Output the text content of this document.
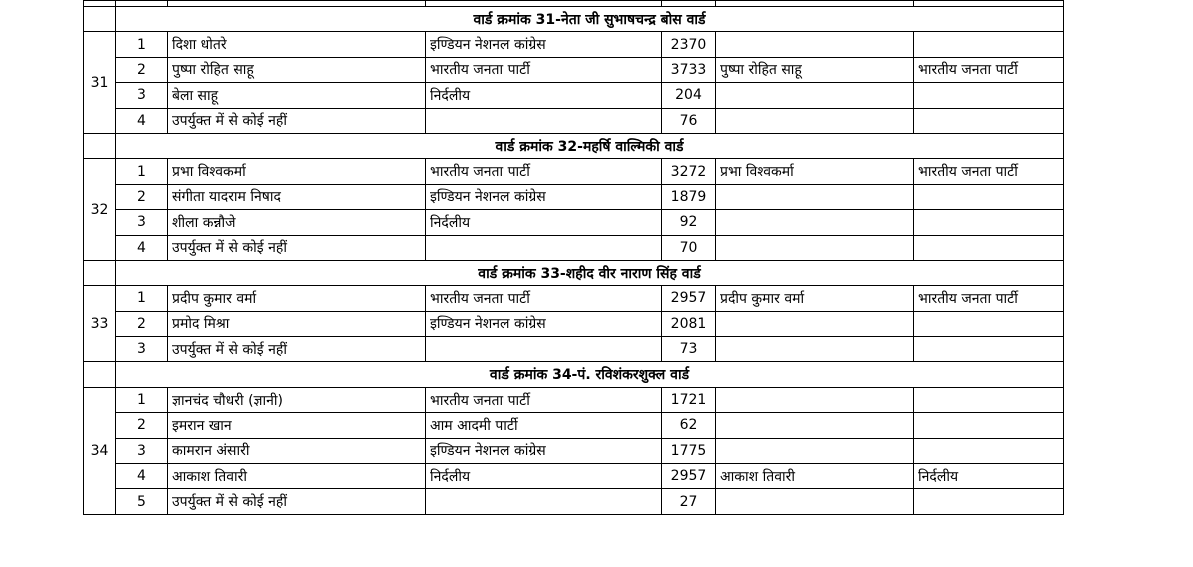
	वार्ड क्रमांक 31-नेता जी सुभाषचन्द्र बोस वार्ड					
31	1	दिशा धोतरे	इण्डियन नेशनल कांग्रेस	2370		
	2	पुष्पा रोहित साहू	भारतीय जनता पार्टी	3733	पुष्पा रोहित साहू	भारतीय जनता पार्टी
	3	बेला साहू	निर्दलीय	204		
	4	उपर्युक्त में से कोई नहीं		76		
	वार्ड क्रमांक 32-महर्षि वाल्मिकी वार्ड					
32	1	प्रभा विश्वकर्मा	भारतीय जनता पार्टी	3272	प्रभा विश्वकर्मा	भारतीय जनता पार्टी
	2	संगीता यादराम निषाद	इण्डियन नेशनल कांग्रेस	1879		
	3	शीला कन्नौजे	निर्दलीय	92		
	4	उपर्युक्त में से कोई नहीं		70		
	वार्ड क्रमांक 33-शहीद वीर नाराण सिंह वार्ड					
33	1	प्रदीप कुमार वर्मा	भारतीय जनता पार्टी	2957	प्रदीप कुमार वर्मा	भारतीय जनता पार्टी
	2	प्रमोद मिश्रा	इण्डियन नेशनल कांग्रेस	2081		
	3	उपर्युक्त में से कोई नहीं		73		
	वार्ड क्रमांक 34-पं. रविशंकरशुक्ल वार्ड					
34	1	ज्ञानचंद चौधरी (ज्ञानी)	भारतीय जनता पार्टी	1721		
	2	इमरान खान	आम आदमी पार्टी	62		
	3	कामरान अंसारी	इण्डियन नेशनल कांग्रेस	1775		
	4	आकाश तिवारी	निर्दलीय	2957	आकाश तिवारी	निर्दलीय
	5	उपर्युक्त में से कोई नहीं		27		
